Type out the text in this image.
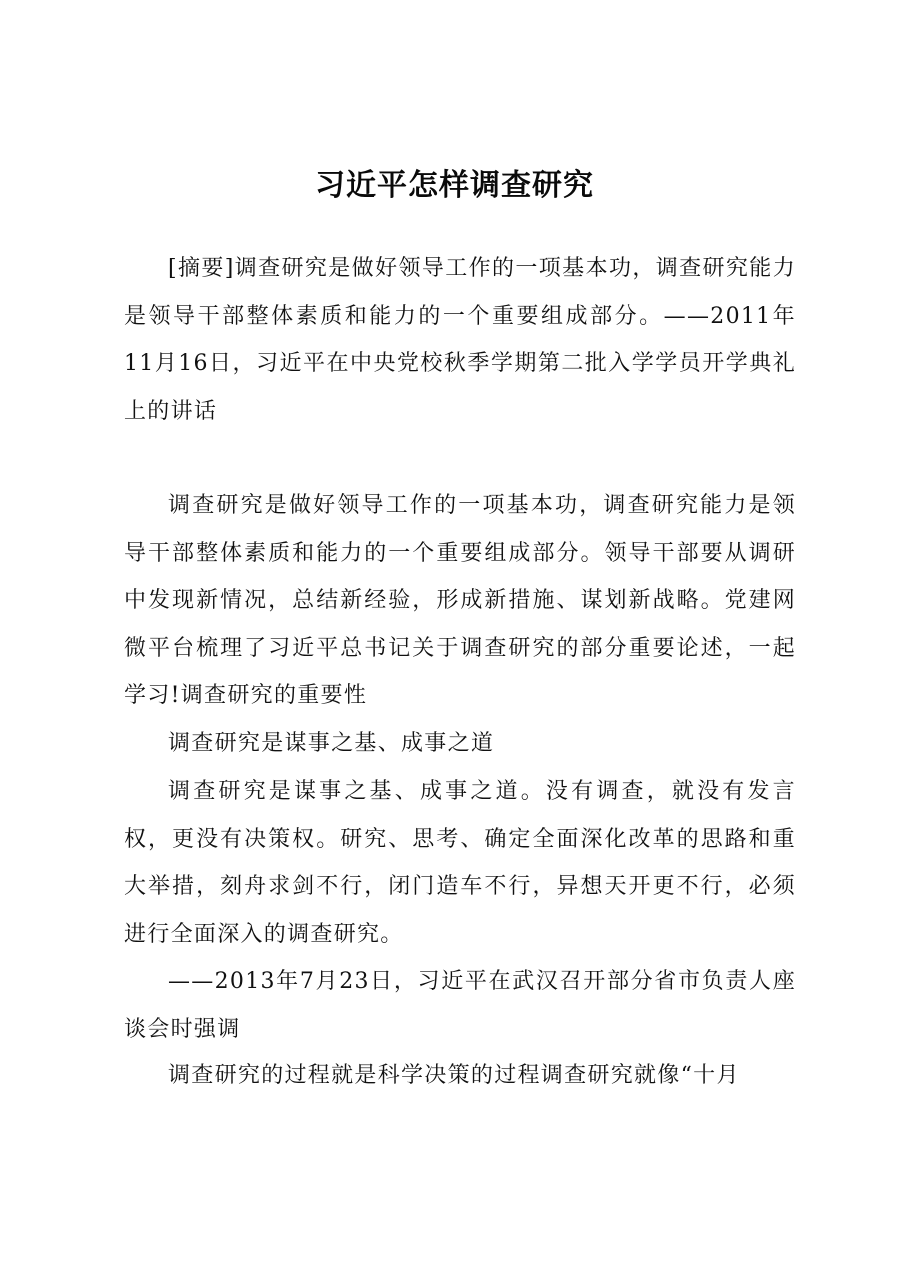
习近平怎样调查研究

[摘要]调查研究是做好领导工作的一项基本功，调查研究能力是领导干部整体素质和能力的一个重要组成部分。——2011年11月16日，习近平在中央党校秋季学期第二批入学学员开学典礼上的讲话

调查研究是做好领导工作的一项基本功，调查研究能力是领导干部整体素质和能力的一个重要组成部分。领导干部要从调研中发现新情况，总结新经验，形成新措施、谋划新战略。党建网微平台梳理了习近平总书记关于调查研究的部分重要论述，一起学习!调查研究的重要性

调查研究是谋事之基、成事之道

调查研究是谋事之基、成事之道。没有调查，就没有发言权，更没有决策权。研究、思考、确定全面深化改革的思路和重大举措，刻舟求剑不行，闭门造车不行，异想天开更不行，必须进行全面深入的调查研究。

——2013年7月23日，习近平在武汉召开部分省市负责人座谈会时强调

调查研究的过程就是科学决策的过程调查研究就像“十月
